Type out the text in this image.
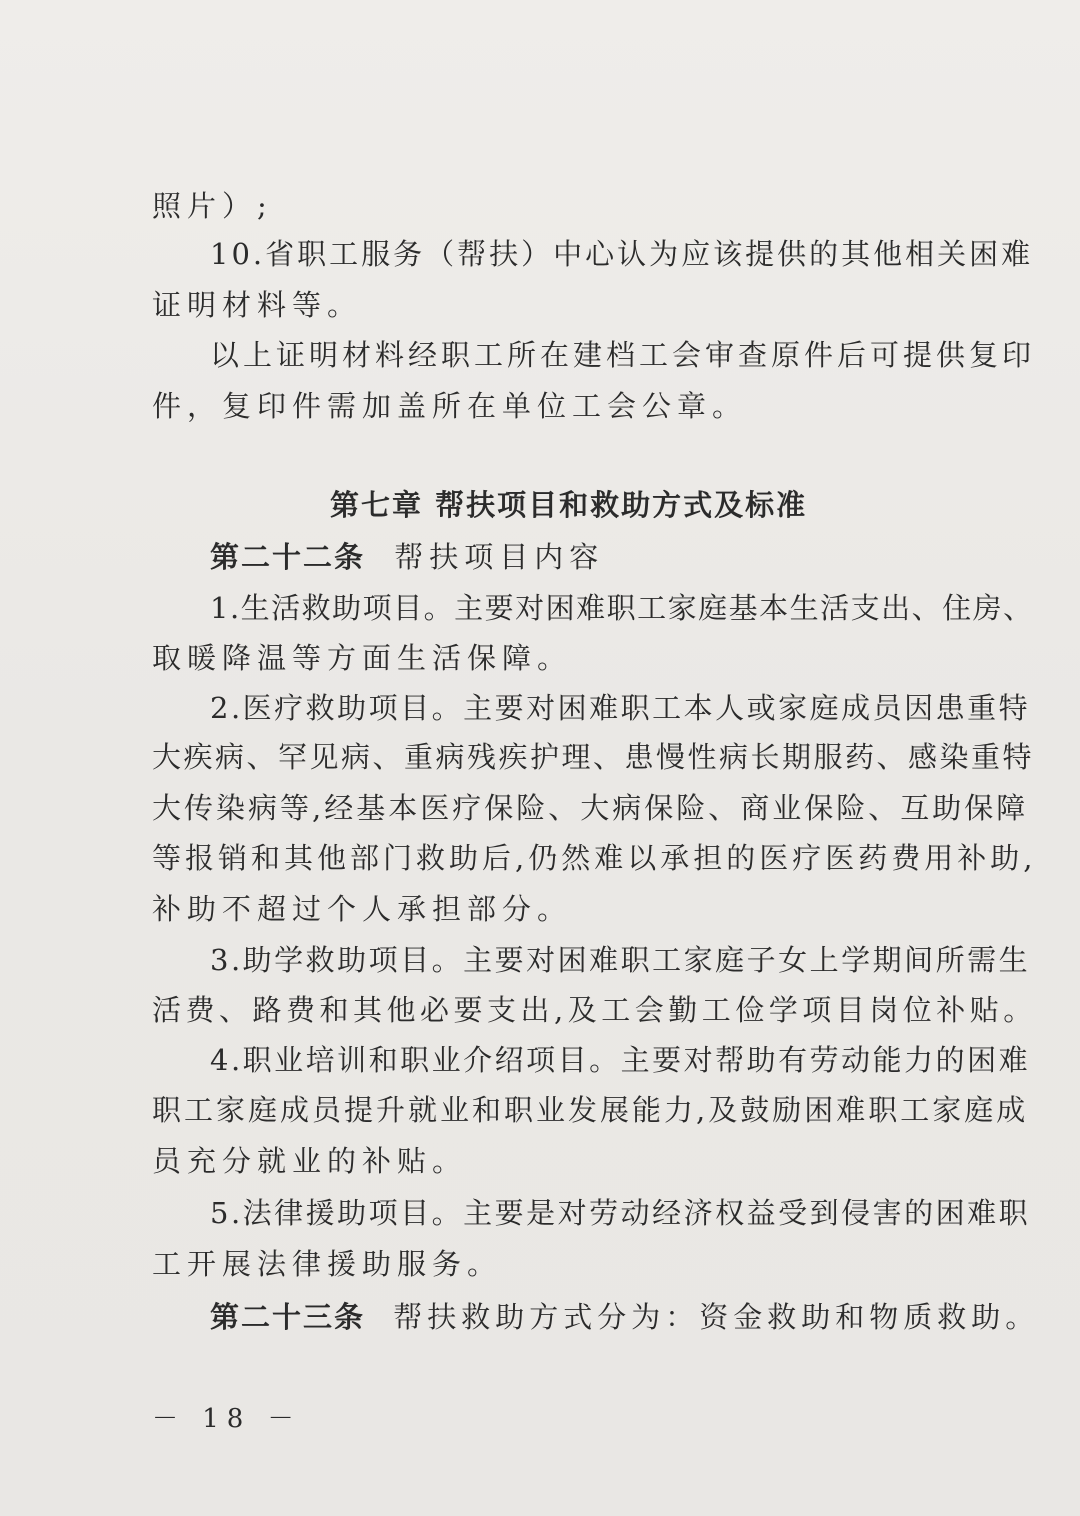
照片）;
10.省职工服务（帮扶）中心认为应该提供的其他相关困难
证明材料等。
以上证明材料经职工所在建档工会审查原件后可提供复印
件，复印件需加盖所在单位工会公章。
第七章 帮扶项目和救助方式及标准
第二十二条 帮扶项目内容
1.生活救助项目。主要对困难职工家庭基本生活支出、住房、
取暖降温等方面生活保障。
2.医疗救助项目。主要对困难职工本人或家庭成员因患重特
大疾病、罕见病、重病残疾护理、患慢性病长期服药、感染重特
大传染病等,经基本医疗保险、大病保险、商业保险、互助保障
等报销和其他部门救助后,仍然难以承担的医疗医药费用补助,
补助不超过个人承担部分。
3.助学救助项目。主要对困难职工家庭子女上学期间所需生
活费、路费和其他必要支出,及工会勤工俭学项目岗位补贴。
4.职业培训和职业介绍项目。主要对帮助有劳动能力的困难
职工家庭成员提升就业和职业发展能力,及鼓励困难职工家庭成
员充分就业的补贴。
5.法律援助项目。主要是对劳动经济权益受到侵害的困难职
工开展法律援助服务。
第二十三条 帮扶救助方式分为：资金救助和物质救助。
－ 18 －
